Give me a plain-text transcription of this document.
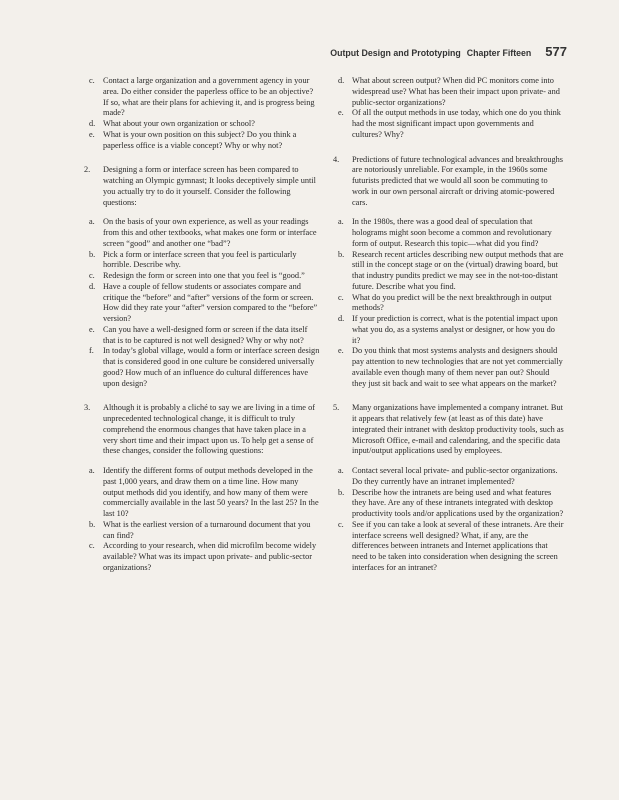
Output Design and Prototyping Chapter Fifteen 577
c. Contact a large organization and a government agency in your area. Do either consider the paperless office to be an objective? If so, what are their plans for achieving it, and is progress being made?
d. What about your own organization or school?
e. What is your own position on this subject? Do you think a paperless office is a viable concept? Why or why not?
2. Designing a form or interface screen has been compared to watching an Olympic gymnast; It looks deceptively simple until you actually try to do it yourself. Consider the following questions:

a. On the basis of your own experience, as well as your readings from this and other textbooks, what makes one form or interface screen “good” and another one “bad”?
b. Pick a form or interface screen that you feel is particularly horrible. Describe why.
c. Redesign the form or screen into one that you feel is “good.”
d. Have a couple of fellow students or associates compare and critique the “before” and “after” versions of the form or screen. How did they rate your “after” version compared to the “before” version?
e. Can you have a well-designed form or screen if the data itself that is to be captured is not well designed? Why or why not?
f. In today’s global village, would a form or interface screen design that is considered good in one culture be considered universally good? How much of an influence do cultural differences have upon design?
3. Although it is probably a cliché to say we are living in a time of unprecedented technological change, it is difficult to truly comprehend the enormous changes that have taken place in a very short time and their impact upon us. To help get a sense of these changes, consider the following questions:

a. Identify the different forms of output methods developed in the past 1,000 years, and draw them on a time line. How many output methods did you identify, and how many of them were commercially available in the last 50 years? In the last 25? In the last 10?
b. What is the earliest version of a turnaround document that you can find?
c. According to your research, when did microfilm become widely available? What was its impact upon private- and public-sector organizations?
d. What about screen output? When did PC monitors come into widespread use? What has been their impact upon private- and public-sector organizations?
e. Of all the output methods in use today, which one do you think had the most significant impact upon governments and cultures? Why?
4. Predictions of future technological advances and breakthroughs are notoriously unreliable. For example, in the 1960s some futurists predicted that we would all soon be commuting to work in our own personal aircraft or driving atomic-powered cars.

a. In the 1980s, there was a good deal of speculation that holograms might soon become a common and revolutionary form of output. Research this topic—what did you find?
b. Research recent articles describing new output methods that are still in the concept stage or on the (virtual) drawing board, but that industry pundits predict we may see in the not-too-distant future. Describe what you find.
c. What do you predict will be the next breakthrough in output methods?
d. If your prediction is correct, what is the potential impact upon what you do, as a systems analyst or designer, or how you do it?
e. Do you think that most systems analysts and designers should pay attention to new technologies that are not yet commercially available even though many of them never pan out? Should they just sit back and wait to see what appears on the market?
5. Many organizations have implemented a company intranet. But it appears that relatively few (at least as of this date) have integrated their intranet with desktop productivity tools, such as Microsoft Office, e-mail and calendaring, and the specific data input/output applications used by employees.

a. Contact several local private- and public-sector organizations. Do they currently have an intranet implemented?
b. Describe how the intranets are being used and what features they have. Are any of these intranets integrated with desktop productivity tools and/or applications used by the organization?
c. See if you can take a look at several of these intranets. Are their interface screens well designed? What, if any, are the differences between intranets and Internet applications that need to be taken into consideration when designing the screen interfaces for an intranet?
